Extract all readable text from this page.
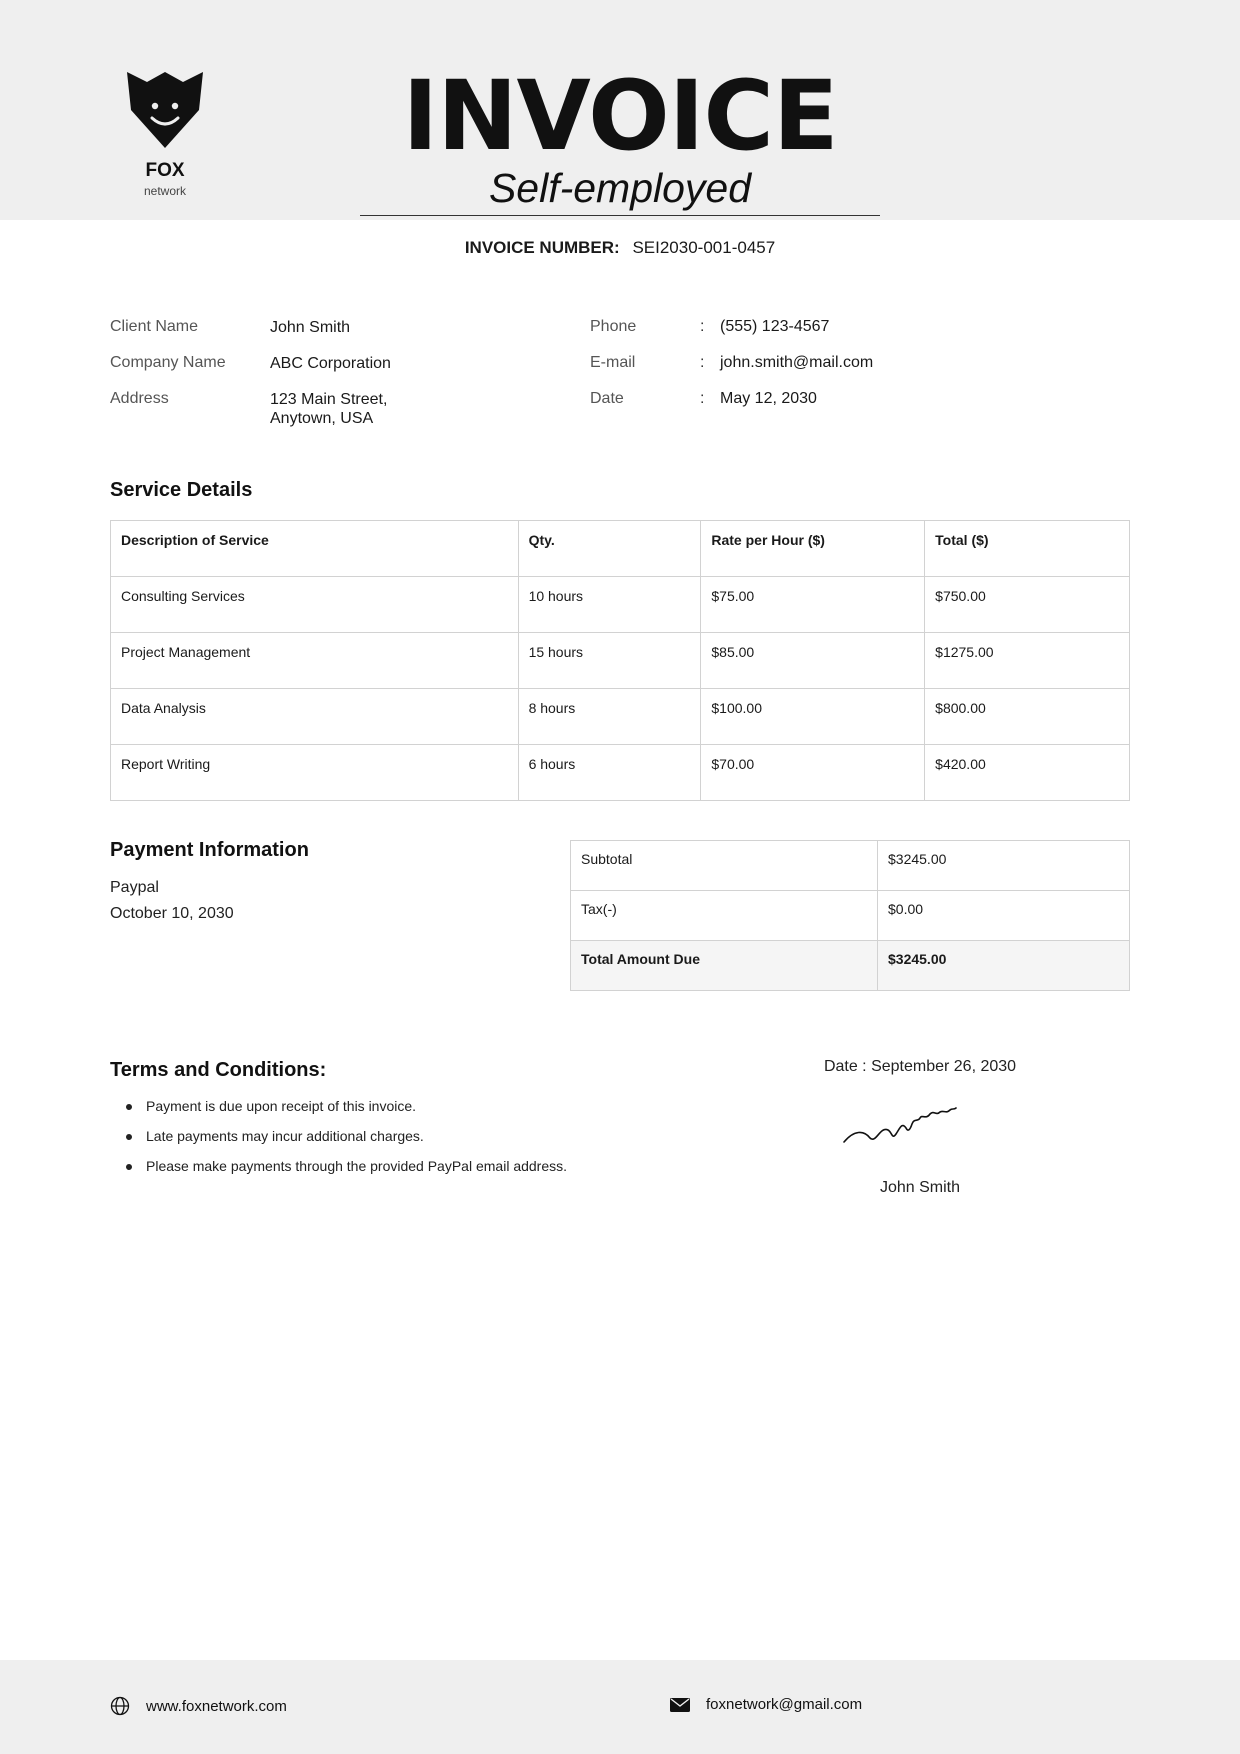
FOX
network
INVOICE
Self-employed
INVOICE NUMBER: SEI2030-001-0457
Client Name	John Smith
Company Name	ABC Corporation
Address	123 Main Street,
Anytown, USA
Phone	: (555) 123-4567
E-mail	: john.smith@mail.com
Date	: May 12, 2030
Service Details
Description of Service	Qty.	Rate per Hour ($)	Total ($)
Consulting Services	10 hours	$75.00	$750.00
Project Management	15 hours	$85.00	$1275.00
Data Analysis	8 hours	$100.00	$800.00
Report Writing	6 hours	$70.00	$420.00
Payment Information
Paypal
October 10, 2030
Subtotal	$3245.00
Tax(-)	$0.00
Total Amount Due	$3245.00
Terms and Conditions:
Payment is due upon receipt of this invoice.
Late payments may incur additional charges.
Please make payments through the provided PayPal email address.
Date : September 26, 2030
John Smith
www.foxnetwork.com	foxnetwork@gmail.com
